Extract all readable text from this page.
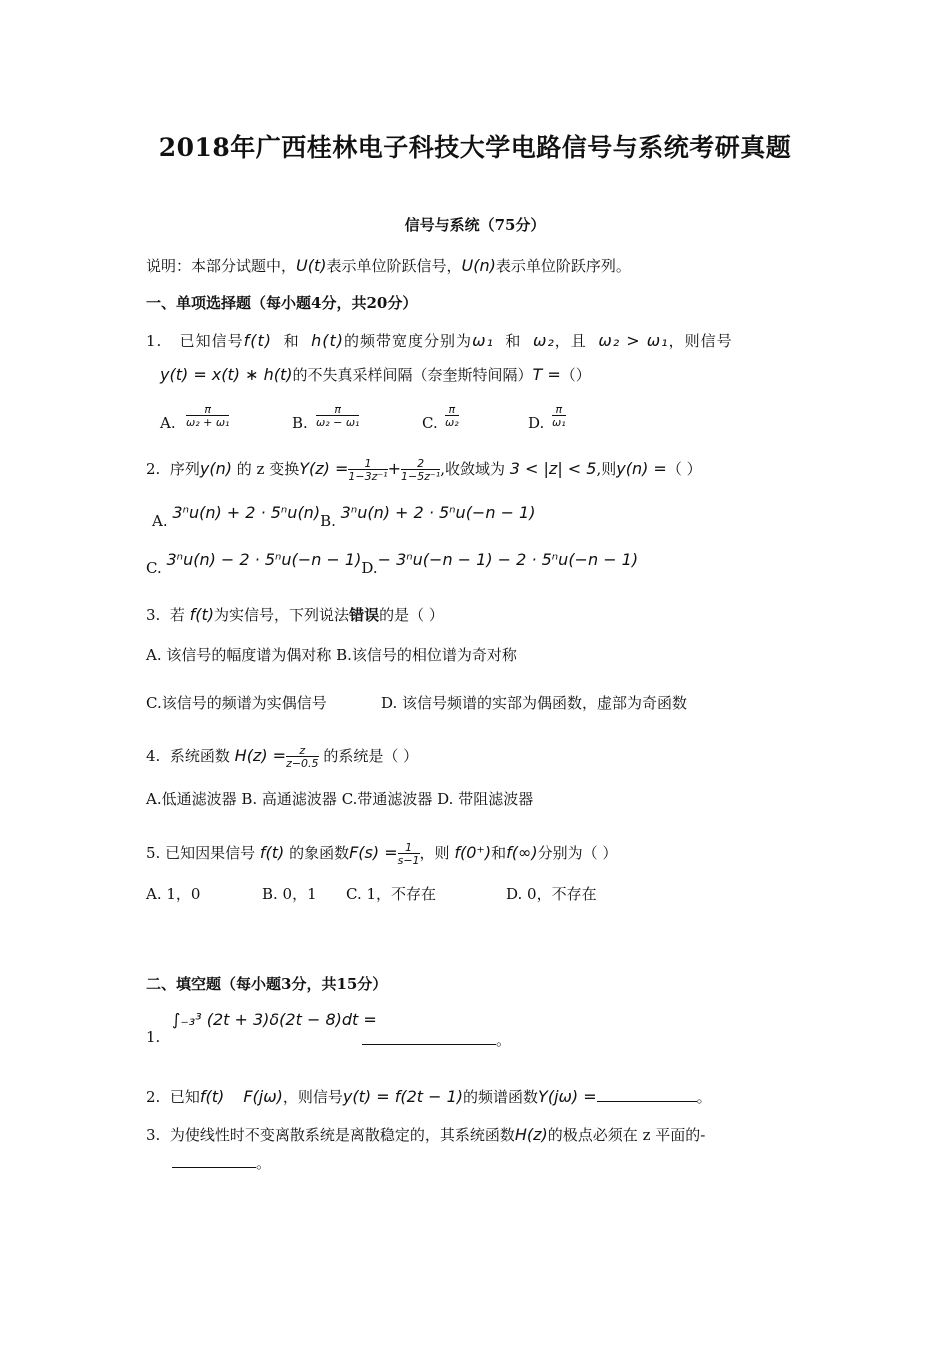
2018年广西桂林电子科技大学电路信号与系统考研真题
信号与系统（75分）
说明：本部分试题中，U(t)表示单位阶跃信号，U(n)表示单位阶跃序列。
一、单项选择题（每小题4分，共20分）
1. 已知信号f(t) 和 h(t)的频带宽度分别为ω₁ 和 ω₂，且 ω₂ > ω₁，则信号
y(t) = x(t) ∗ h(t)的不失真采样间隔（奈奎斯特间隔）T =（）
A. $\frac{\pi}{\text{ω₂ + ω₁}}$	B. $\frac{\pi}{\text{ω₂ − ω₁}}$	C. $\frac{\pi}{\text{ω₂}}$	D. $\frac{\pi}{\text{ω₁}}$
2. 序列y(n) 的 z 变换$Y(z) = \frac{1}{\text{1−3z⁻¹}} + \frac{2}{\text{1−5z⁻¹}}$ ,收敛域为 3 < |z| < 5,则y(n) =（ ）
A. 3ⁿu(n) + 2 · 5ⁿu(n)B. 3ⁿu(n) + 2 · 5ⁿu(−n − 1)
C. 3ⁿu(n) − 2 · 5ⁿu(−n − 1)D.− 3ⁿu(−n − 1) − 2 · 5ⁿu(−n − 1)
3. 若 f(t)为实信号，下列说法错误的是（ ）
A. 该信号的幅度谱为偶对称 B.该信号的相位谱为奇对称
C.该信号的频谱为实偶信号	D. 该信号频谱的实部为偶函数，虚部为奇函数
4. 系统函数 $H(z) = \frac{z}{z-0.5}$ 的系统是（ ）
A.低通滤波器 B. 高通滤波器 C.带通滤波器 D. 带阻滤波器
5. 已知因果信号 f(t) 的象函数$F(s) = \frac{1}{s-1}$ ，则 f(0⁺)和f(∞)分别为（ ）
A. 1，0	B. 0，1 C. 1，不存在	D. 0，不存在
二、填空题（每小题3分，共15分）
1.
∫₋₃³ (2t + 3)δ(2t − 8)dt =
。
2. 已知f(t) F(jω)，则信号y(t) = f(2t − 1)的频谱函数Y(jω) =	。
3. 为使线性时不变离散系统是离散稳定的，其系统函数H(z)的极点必须在 z 平面的-
。
